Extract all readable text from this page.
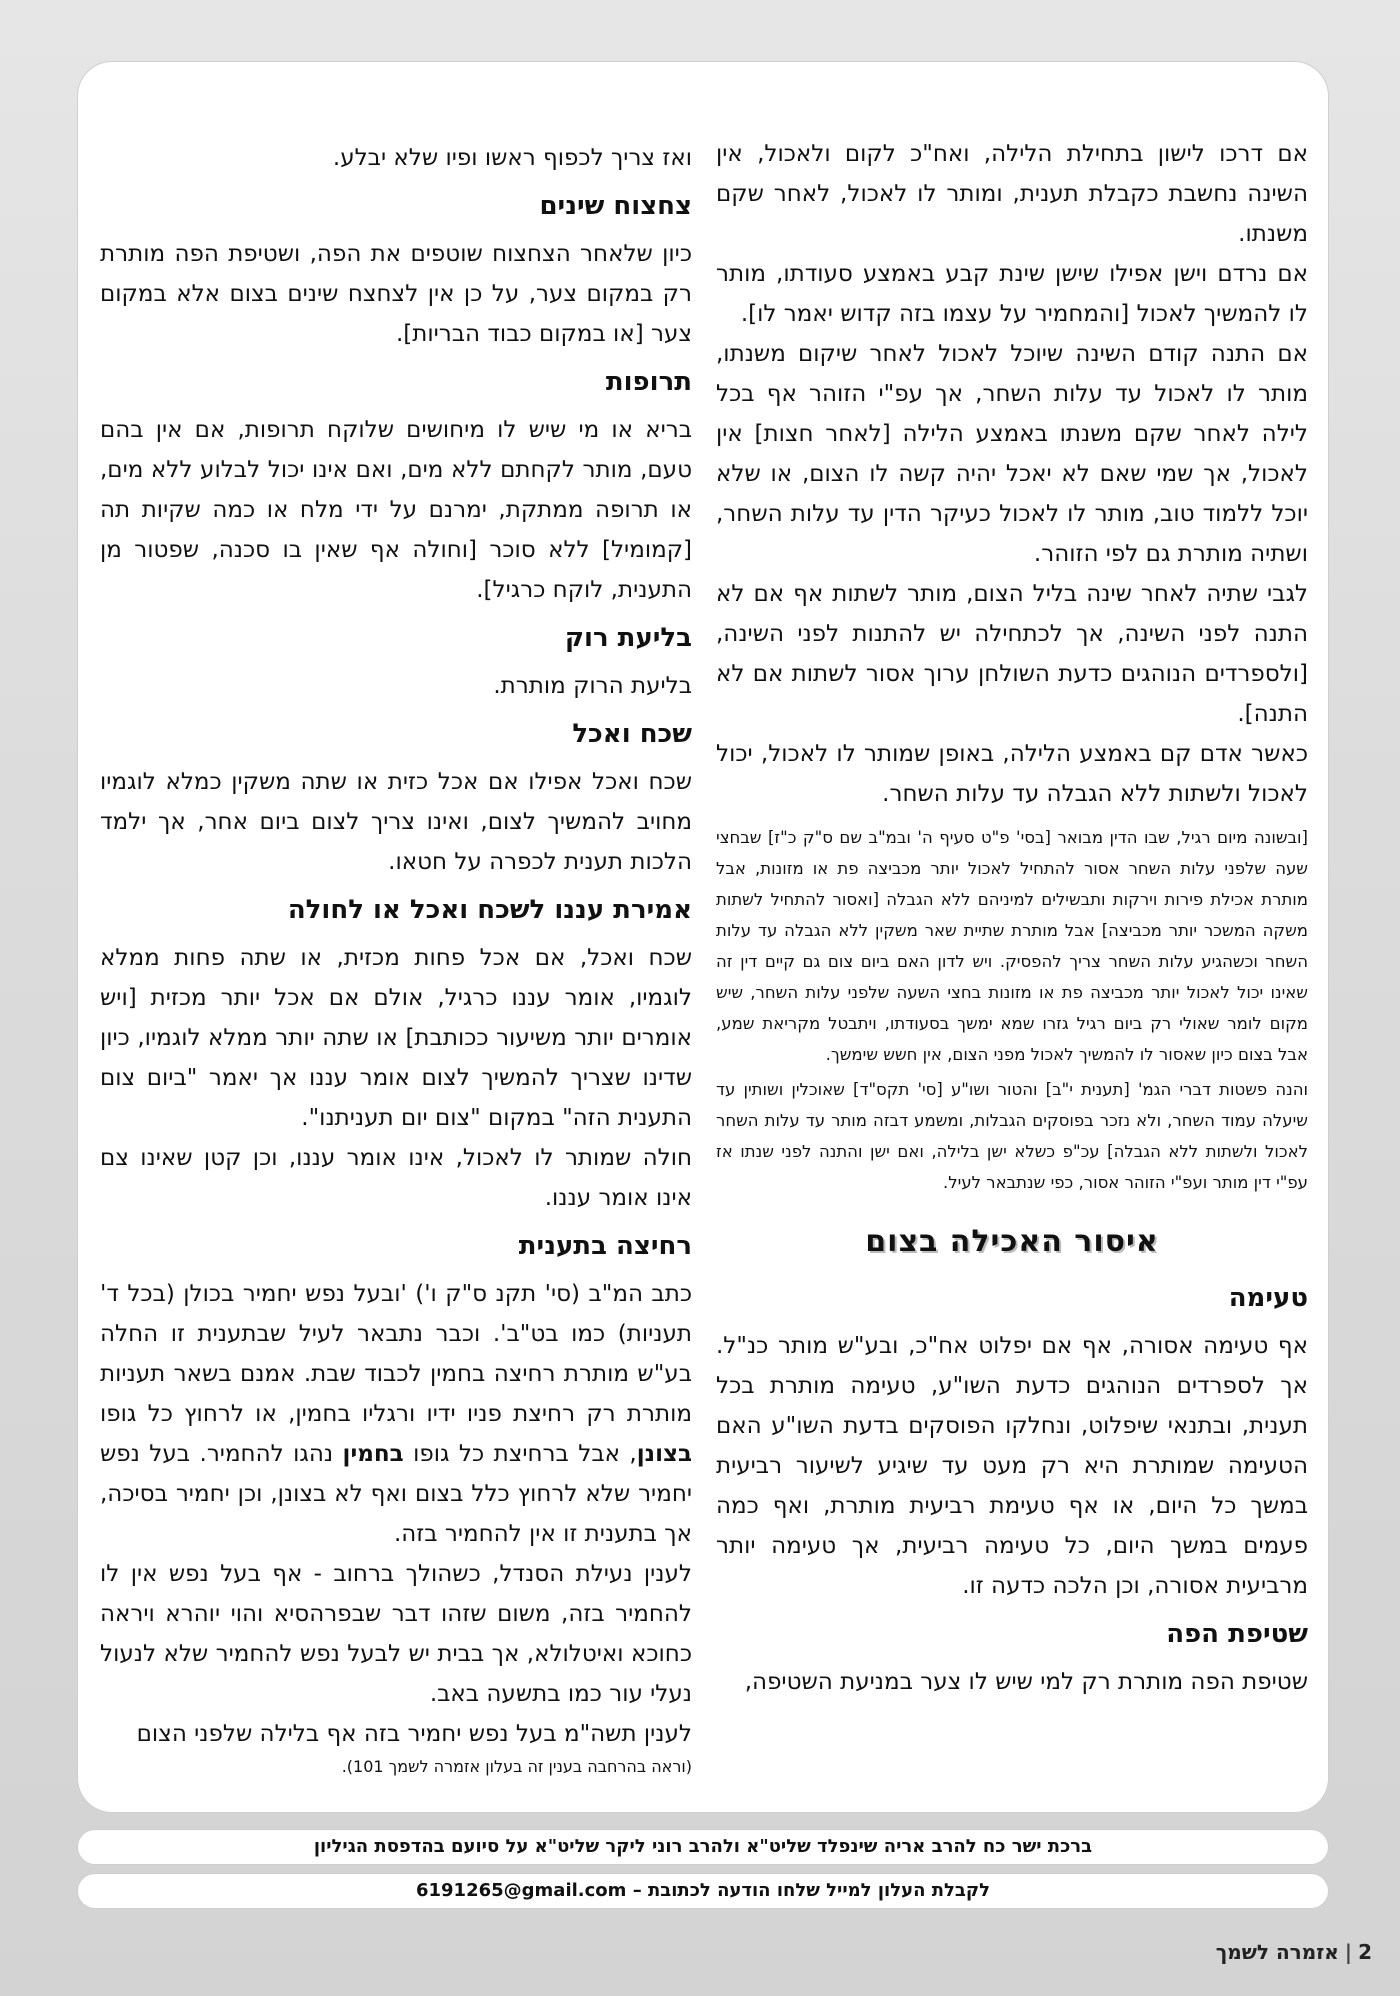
אם דרכו לישון בתחילת הלילה, ואח"כ לקום ולאכול, אין השינה נחשבת כקבלת תענית, ומותר לו לאכול, לאחר שקם משנתו.

אם נרדם וישן אפילו שישן שינת קבע באמצע סעודתו, מותר לו להמשיך לאכול [והמחמיר על עצמו בזה קדוש יאמר לו].

אם התנה קודם השינה שיוכל לאכול לאחר שיקום משנתו, מותר לו לאכול עד עלות השחר, אך עפ"י הזוהר אף בכל לילה לאחר שקם משנתו באמצע הלילה [לאחר חצות] אין לאכול, אך שמי שאם לא יאכל יהיה קשה לו הצום, או שלא יוכל ללמוד טוב, מותר לו לאכול כעיקר הדין עד עלות השחר, ושתיה מותרת גם לפי הזוהר.

לגבי שתיה לאחר שינה בליל הצום, מותר לשתות אף אם לא התנה לפני השינה, אך לכתחילה יש להתנות לפני השינה, [ולספרדים הנוהגים כדעת השולחן ערוך אסור לשתות אם לא התנה].

כאשר אדם קם באמצע הלילה, באופן שמותר לו לאכול, יכול לאכול ולשתות ללא הגבלה עד עלות השחר.

[ובשונה מיום רגיל, שבו הדין מבואר [בסי' פ"ט סעיף ה' ובמ"ב שם ס"ק כ"ז] שבחצי שעה שלפני עלות השחר אסור להתחיל לאכול יותר מכביצה פת או מזונות, אבל מותרת אכילת פירות וירקות ותבשילים למיניהם ללא הגבלה [ואסור להתחיל לשתות משקה המשכר יותר מכביצה] אבל מותרת שתיית שאר משקין ללא הגבלה עד עלות השחר וכשהגיע עלות השחר צריך להפסיק. ויש לדון האם ביום צום גם קיים דין זה שאינו יכול לאכול יותר מכביצה פת או מזונות בחצי השעה שלפני עלות השחר, שיש מקום לומר שאולי רק ביום רגיל גזרו שמא ימשך בסעודתו, ויתבטל מקריאת שמע, אבל בצום כיון שאסור לו להמשיך לאכול מפני הצום, אין חשש שימשך.

והנה פשטות דברי הגמ' [תענית י"ב] והטור ושו"ע [סי' תקס"ד] שאוכלין ושותין עד שיעלה עמוד השחר, ולא נזכר בפוסקים הגבלות, ומשמע דבזה מותר עד עלות השחר לאכול ולשתות ללא הגבלה] עכ"פ כשלא ישן בלילה, ואם ישן והתנה לפני שנתו אז עפ"י דין מותר ועפ"י הזוהר אסור, כפי שנתבאר לעיל.

איסור האכילה בצום
טעימה

אף טעימה אסורה, אף אם יפלוט אח"כ, ובע"ש מותר כנ"ל. אך לספרדים הנוהגים כדעת השו"ע, טעימה מותרת בכל תענית, ובתנאי שיפלוט, ונחלקו הפוסקים בדעת השו"ע האם הטעימה שמותרת היא רק מעט עד שיגיע לשיעור רביעית במשך כל היום, או אף טעימת רביעית מותרת, ואף כמה פעמים במשך היום, כל טעימה רביעית, אך טעימה יותר מרביעית אסורה, וכן הלכה כדעה זו.

שטיפת הפה

שטיפת הפה מותרת רק למי שיש לו צער במניעת השטיפה,

ואז צריך לכפוף ראשו ופיו שלא יבלע.

צחצוח שינים

כיון שלאחר הצחצוח שוטפים את הפה, ושטיפת הפה מותרת רק במקום צער, על כן אין לצחצח שינים בצום אלא במקום צער [או במקום כבוד הבריות].

תרופות

בריא או מי שיש לו מיחושים שלוקח תרופות, אם אין בהם טעם, מותר לקחתם ללא מים, ואם אינו יכול לבלוע ללא מים, או תרופה ממתקת, ימרנם על ידי מלח או כמה שקיות תה [קמומיל] ללא סוכר [וחולה אף שאין בו סכנה, שפטור מן התענית, לוקח כרגיל].

בליעת רוק

בליעת הרוק מותרת.

שכח ואכל

שכח ואכל אפילו אם אכל כזית או שתה משקין כמלא לוגמיו מחויב להמשיך לצום, ואינו צריך לצום ביום אחר, אך ילמד הלכות תענית לכפרה על חטאו.

אמירת עננו לשכח ואכל או לחולה

שכח ואכל, אם אכל פחות מכזית, או שתה פחות ממלא לוגמיו, אומר עננו כרגיל, אולם אם אכל יותר מכזית [ויש אומרים יותר משיעור ככותבת] או שתה יותר ממלא לוגמיו, כיון שדינו שצריך להמשיך לצום אומר עננו אך יאמר "ביום צום התענית הזה" במקום "צום יום תעניתנו".

חולה שמותר לו לאכול, אינו אומר עננו, וכן קטן שאינו צם אינו אומר עננו.

רחיצה בתענית

כתב המ"ב (סי' תקנ ס"ק ו') 'ובעל נפש יחמיר בכולן (בכל ד' תעניות) כמו בט"ב'. וכבר נתבאר לעיל שבתענית זו החלה בע"ש מותרת רחיצה בחמין לכבוד שבת. אמנם בשאר תעניות מותרת רק רחיצת פניו ידיו ורגליו בחמין, או לרחוץ כל גופו בצונן, אבל ברחיצת כל גופו בחמין נהגו להחמיר. בעל נפש יחמיר שלא לרחוץ כלל בצום ואף לא בצונן, וכן יחמיר בסיכה, אך בתענית זו אין להחמיר בזה.

לענין נעילת הסנדל, כשהולך ברחוב - אף בעל נפש אין לו להחמיר בזה, משום שזהו דבר שבפרהסיא והוי יוהרא ויראה כחוכא ואיטלולא, אך בבית יש לבעל נפש להחמיר שלא לנעול נעלי עור כמו בתשעה באב.

לענין תשה"מ בעל נפש יחמיר בזה אף בלילה שלפני הצום

(וראה בהרחבה בענין זה בעלון אזמרה לשמך 101).

ברכת ישר כח להרב אריה שינפלד שליט"א ולהרב רוני ליקר שליט"א על סיועם בהדפסת הגיליון
לקבלת העלון למייל שלחו הודעה לכתובת – 6191265@gmail.com
2|אזמרה לשמך
